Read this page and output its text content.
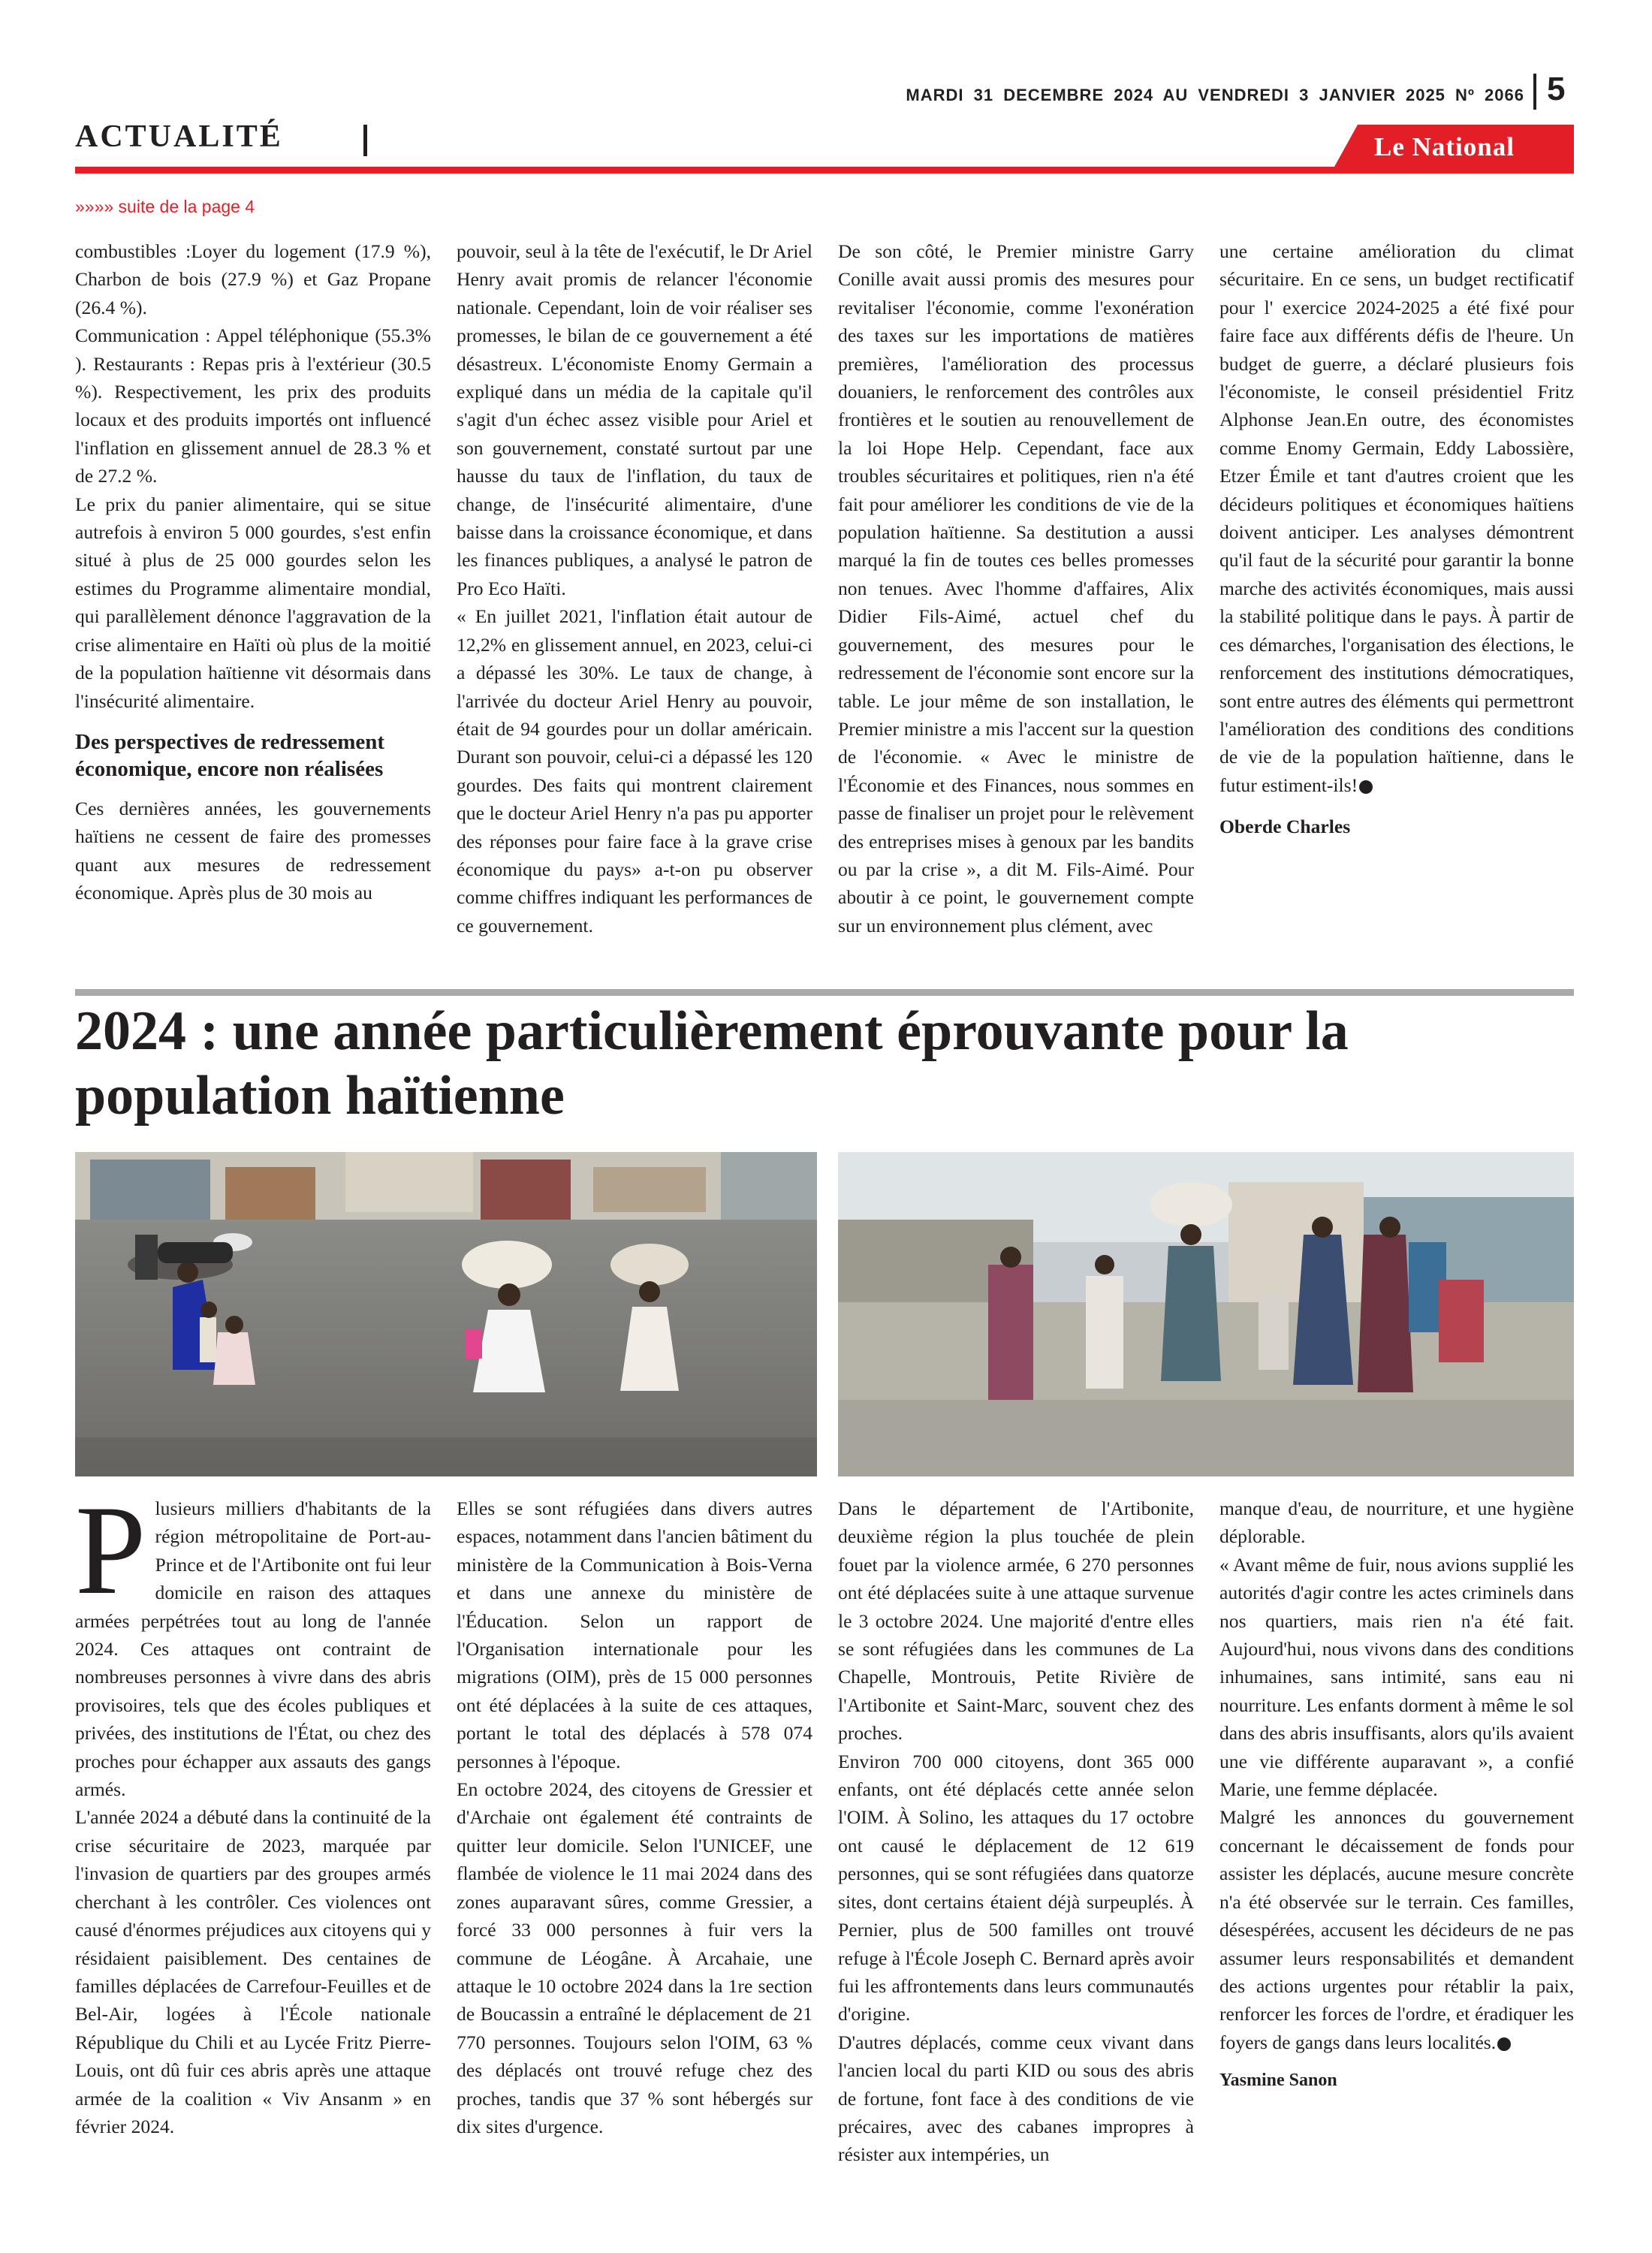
MARDI 31 DECEMBRE 2024 AU VENDREDI 3 JANVIER 2025 Nº 2066 5
ACTUALITÉ	Le National
»»»» suite de la page 4

combustibles :Loyer du logement (17.9 %), Charbon de bois (27.9 %) et Gaz Propane (26.4 %).

Communication : Appel téléphonique (55.3% ). Restaurants : Repas pris à l'extérieur (30.5 %). Respectivement, les prix des produits locaux et des produits importés ont influencé l'inflation en glissement annuel de 28.3 % et de 27.2 %.

Le prix du panier alimentaire, qui se situe autrefois à environ 5 000 gourdes, s'est enfin situé à plus de 25 000 gourdes selon les estimes du Programme alimentaire mondial, qui parallèlement dénonce l'aggravation de la crise alimentaire en Haïti où plus de la moitié de la population haïtienne vit désormais dans l'insécurité alimentaire.

Des perspectives de redressement économique, encore non réalisées

Ces dernières années, les gouvernements haïtiens ne cessent de faire des promesses quant aux mesures de redressement économique. Après plus de 30 mois au

pouvoir, seul à la tête de l'exécutif, le Dr Ariel Henry avait promis de relancer l'économie nationale. Cependant, loin de voir réaliser ses promesses, le bilan de ce gouvernement a été désastreux. L'économiste Enomy Germain a expliqué dans un média de la capitale qu'il s'agit d'un échec assez visible pour Ariel et son gouvernement, constaté surtout par une hausse du taux de l'inflation, du taux de change, de l'insécurité alimentaire, d'une baisse dans la croissance économique, et dans les finances publiques, a analysé le patron de Pro Eco Haïti.

« En juillet 2021, l'inflation était autour de 12,2% en glissement annuel, en 2023, celui-ci a dépassé les 30%. Le taux de change, à l'arrivée du docteur Ariel Henry au pouvoir, était de 94 gourdes pour un dollar américain. Durant son pouvoir, celui-ci a dépassé les 120 gourdes. Des faits qui montrent clairement que le docteur Ariel Henry n'a pas pu apporter des réponses pour faire face à la grave crise économique du pays» a-t-on pu observer comme chiffres indiquant les performances de ce gouvernement.

De son côté, le Premier ministre Garry Conille avait aussi promis des mesures pour revitaliser l'économie, comme l'exonération des taxes sur les importations de matières premières, l'amélioration des processus douaniers, le renforcement des contrôles aux frontières et le soutien au renouvellement de la loi Hope Help. Cependant, face aux troubles sécuritaires et politiques, rien n'a été fait pour améliorer les conditions de vie de la population haïtienne. Sa destitution a aussi marqué la fin de toutes ces belles promesses non tenues. Avec l'homme d'affaires, Alix Didier Fils-Aimé, actuel chef du gouvernement, des mesures pour le redressement de l'économie sont encore sur la table. Le jour même de son installation, le Premier ministre a mis l'accent sur la question de l'économie. « Avec le ministre de l'Économie et des Finances, nous sommes en passe de finaliser un projet pour le relèvement des entreprises mises à genoux par les bandits ou par la crise », a dit M. Fils-Aimé. Pour aboutir à ce point, le gouvernement compte sur un environnement plus clément, avec

une certaine amélioration du climat sécuritaire. En ce sens, un budget rectificatif pour l' exercice 2024-2025 a été fixé pour faire face aux différents défis de l'heure. Un budget de guerre, a déclaré plusieurs fois l'économiste, le conseil présidentiel Fritz Alphonse Jean.En outre, des économistes comme Enomy Germain, Eddy Labossière, Etzer Émile et tant d'autres croient que les décideurs politiques et économiques haïtiens doivent anticiper. Les analyses démontrent qu'il faut de la sécurité pour garantir la bonne marche des activités économiques, mais aussi la stabilité politique dans le pays. À partir de ces démarches, l'organisation des élections, le renforcement des institutions démocratiques, sont entre autres des éléments qui permettront l'amélioration des conditions des conditions de vie de la population haïtienne, dans le futur estiment-ils!

Oberde Charles

2024 : une année particulièrement éprouvante pour la population haïtienne

Plusieurs milliers d'habitants de la région métropolitaine de Port-au-Prince et de l'Artibonite ont fui leur domicile en raison des attaques armées perpétrées tout au long de l'année 2024. Ces attaques ont contraint de nombreuses personnes à vivre dans des abris provisoires, tels que des écoles publiques et privées, des institutions de l'État, ou chez des proches pour échapper aux assauts des gangs armés.

L'année 2024 a débuté dans la continuité de la crise sécuritaire de 2023, marquée par l'invasion de quartiers par des groupes armés cherchant à les contrôler. Ces violences ont causé d'énormes préjudices aux citoyens qui y résidaient paisiblement. Des centaines de familles déplacées de Carrefour-Feuilles et de Bel-Air, logées à l'École nationale République du Chili et au Lycée Fritz Pierre-Louis, ont dû fuir ces abris après une attaque armée de la coalition « Viv Ansanm » en février 2024.

Elles se sont réfugiées dans divers autres espaces, notamment dans l'ancien bâtiment du ministère de la Communication à Bois-Verna et dans une annexe du ministère de l'Éducation. Selon un rapport de l'Organisation internationale pour les migrations (OIM), près de 15 000 personnes ont été déplacées à la suite de ces attaques, portant le total des déplacés à 578 074 personnes à l'époque.

En octobre 2024, des citoyens de Gressier et d'Archaie ont également été contraints de quitter leur domicile. Selon l'UNICEF, une flambée de violence le 11 mai 2024 dans des zones auparavant sûres, comme Gressier, a forcé 33 000 personnes à fuir vers la commune de Léogâne. À Arcahaie, une attaque le 10 octobre 2024 dans la 1re section de Boucassin a entraîné le déplacement de 21 770 personnes. Toujours selon l'OIM, 63 % des déplacés ont trouvé refuge chez des proches, tandis que 37 % sont hébergés sur dix sites d'urgence.

Dans le département de l'Artibonite, deuxième région la plus touchée de plein fouet par la violence armée, 6 270 personnes ont été déplacées suite à une attaque survenue le 3 octobre 2024. Une majorité d'entre elles se sont réfugiées dans les communes de La Chapelle, Montrouis, Petite Rivière de l'Artibonite et Saint-Marc, souvent chez des proches.

Environ 700 000 citoyens, dont 365 000 enfants, ont été déplacés cette année selon l'OIM. À Solino, les attaques du 17 octobre ont causé le déplacement de 12 619 personnes, qui se sont réfugiées dans quatorze sites, dont certains étaient déjà surpeuplés. À Pernier, plus de 500 familles ont trouvé refuge à l'École Joseph C. Bernard après avoir fui les affrontements dans leurs communautés d'origine.

D'autres déplacés, comme ceux vivant dans l'ancien local du parti KID ou sous des abris de fortune, font face à des conditions de vie précaires, avec des cabanes impropres à résister aux intempéries, un

manque d'eau, de nourriture, et une hygiène déplorable.

« Avant même de fuir, nous avions supplié les autorités d'agir contre les actes criminels dans nos quartiers, mais rien n'a été fait. Aujourd'hui, nous vivons dans des conditions inhumaines, sans intimité, sans eau ni nourriture. Les enfants dorment à même le sol dans des abris insuffisants, alors qu'ils avaient une vie différente auparavant », a confié Marie, une femme déplacée.

Malgré les annonces du gouvernement concernant le décaissement de fonds pour assister les déplacés, aucune mesure concrète n'a été observée sur le terrain. Ces familles, désespérées, accusent les décideurs de ne pas assumer leurs responsabilités et demandent des actions urgentes pour rétablir la paix, renforcer les forces de l'ordre, et éradiquer les foyers de gangs dans leurs localités.

Yasmine Sanon
